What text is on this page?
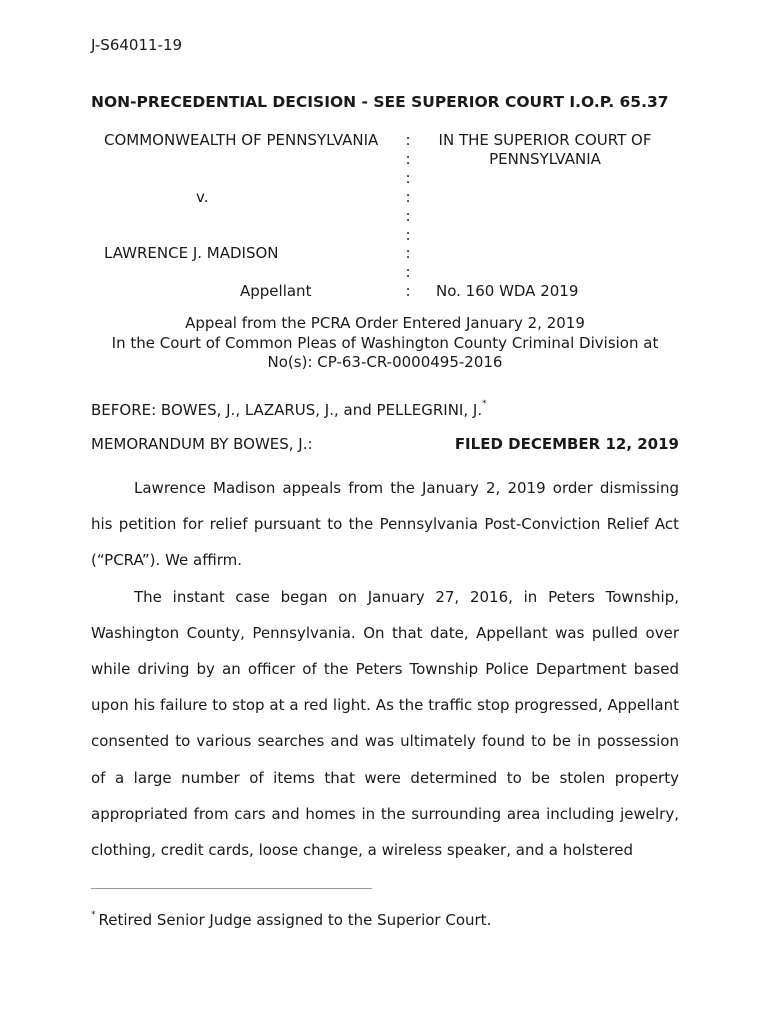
J-S64011-19
NON-PRECEDENTIAL DECISION - SEE SUPERIOR COURT I.O.P. 65.37
COMMONWEALTH OF PENNSYLVANIA
v.
LAWRENCE J. MADISON
Appellant
:
:
:
:
:
:
:
:
:
IN THE SUPERIOR COURT OF
PENNSYLVANIA
No. 160 WDA 2019
Appeal from the PCRA Order Entered January 2, 2019
In the Court of Common Pleas of Washington County Criminal Division at
No(s): CP-63-CR-0000495-2016
BEFORE: BOWES, J., LAZARUS, J., and PELLEGRINI, J.*
MEMORANDUM BY BOWES, J.:	FILED DECEMBER 12, 2019

Lawrence Madison appeals from the January 2, 2019 order dismissing his petition for relief pursuant to the Pennsylvania Post-Conviction Relief Act (“PCRA”). We affirm.

The instant case began on January 27, 2016, in Peters Township, Washington County, Pennsylvania. On that date, Appellant was pulled over while driving by an officer of the Peters Township Police Department based upon his failure to stop at a red light. As the traffic stop progressed, Appellant consented to various searches and was ultimately found to be in possession of a large number of items that were determined to be stolen property appropriated from cars and homes in the surrounding area including jewelry, clothing, credit cards, loose change, a wireless speaker, and a holstered

* Retired Senior Judge assigned to the Superior Court.
